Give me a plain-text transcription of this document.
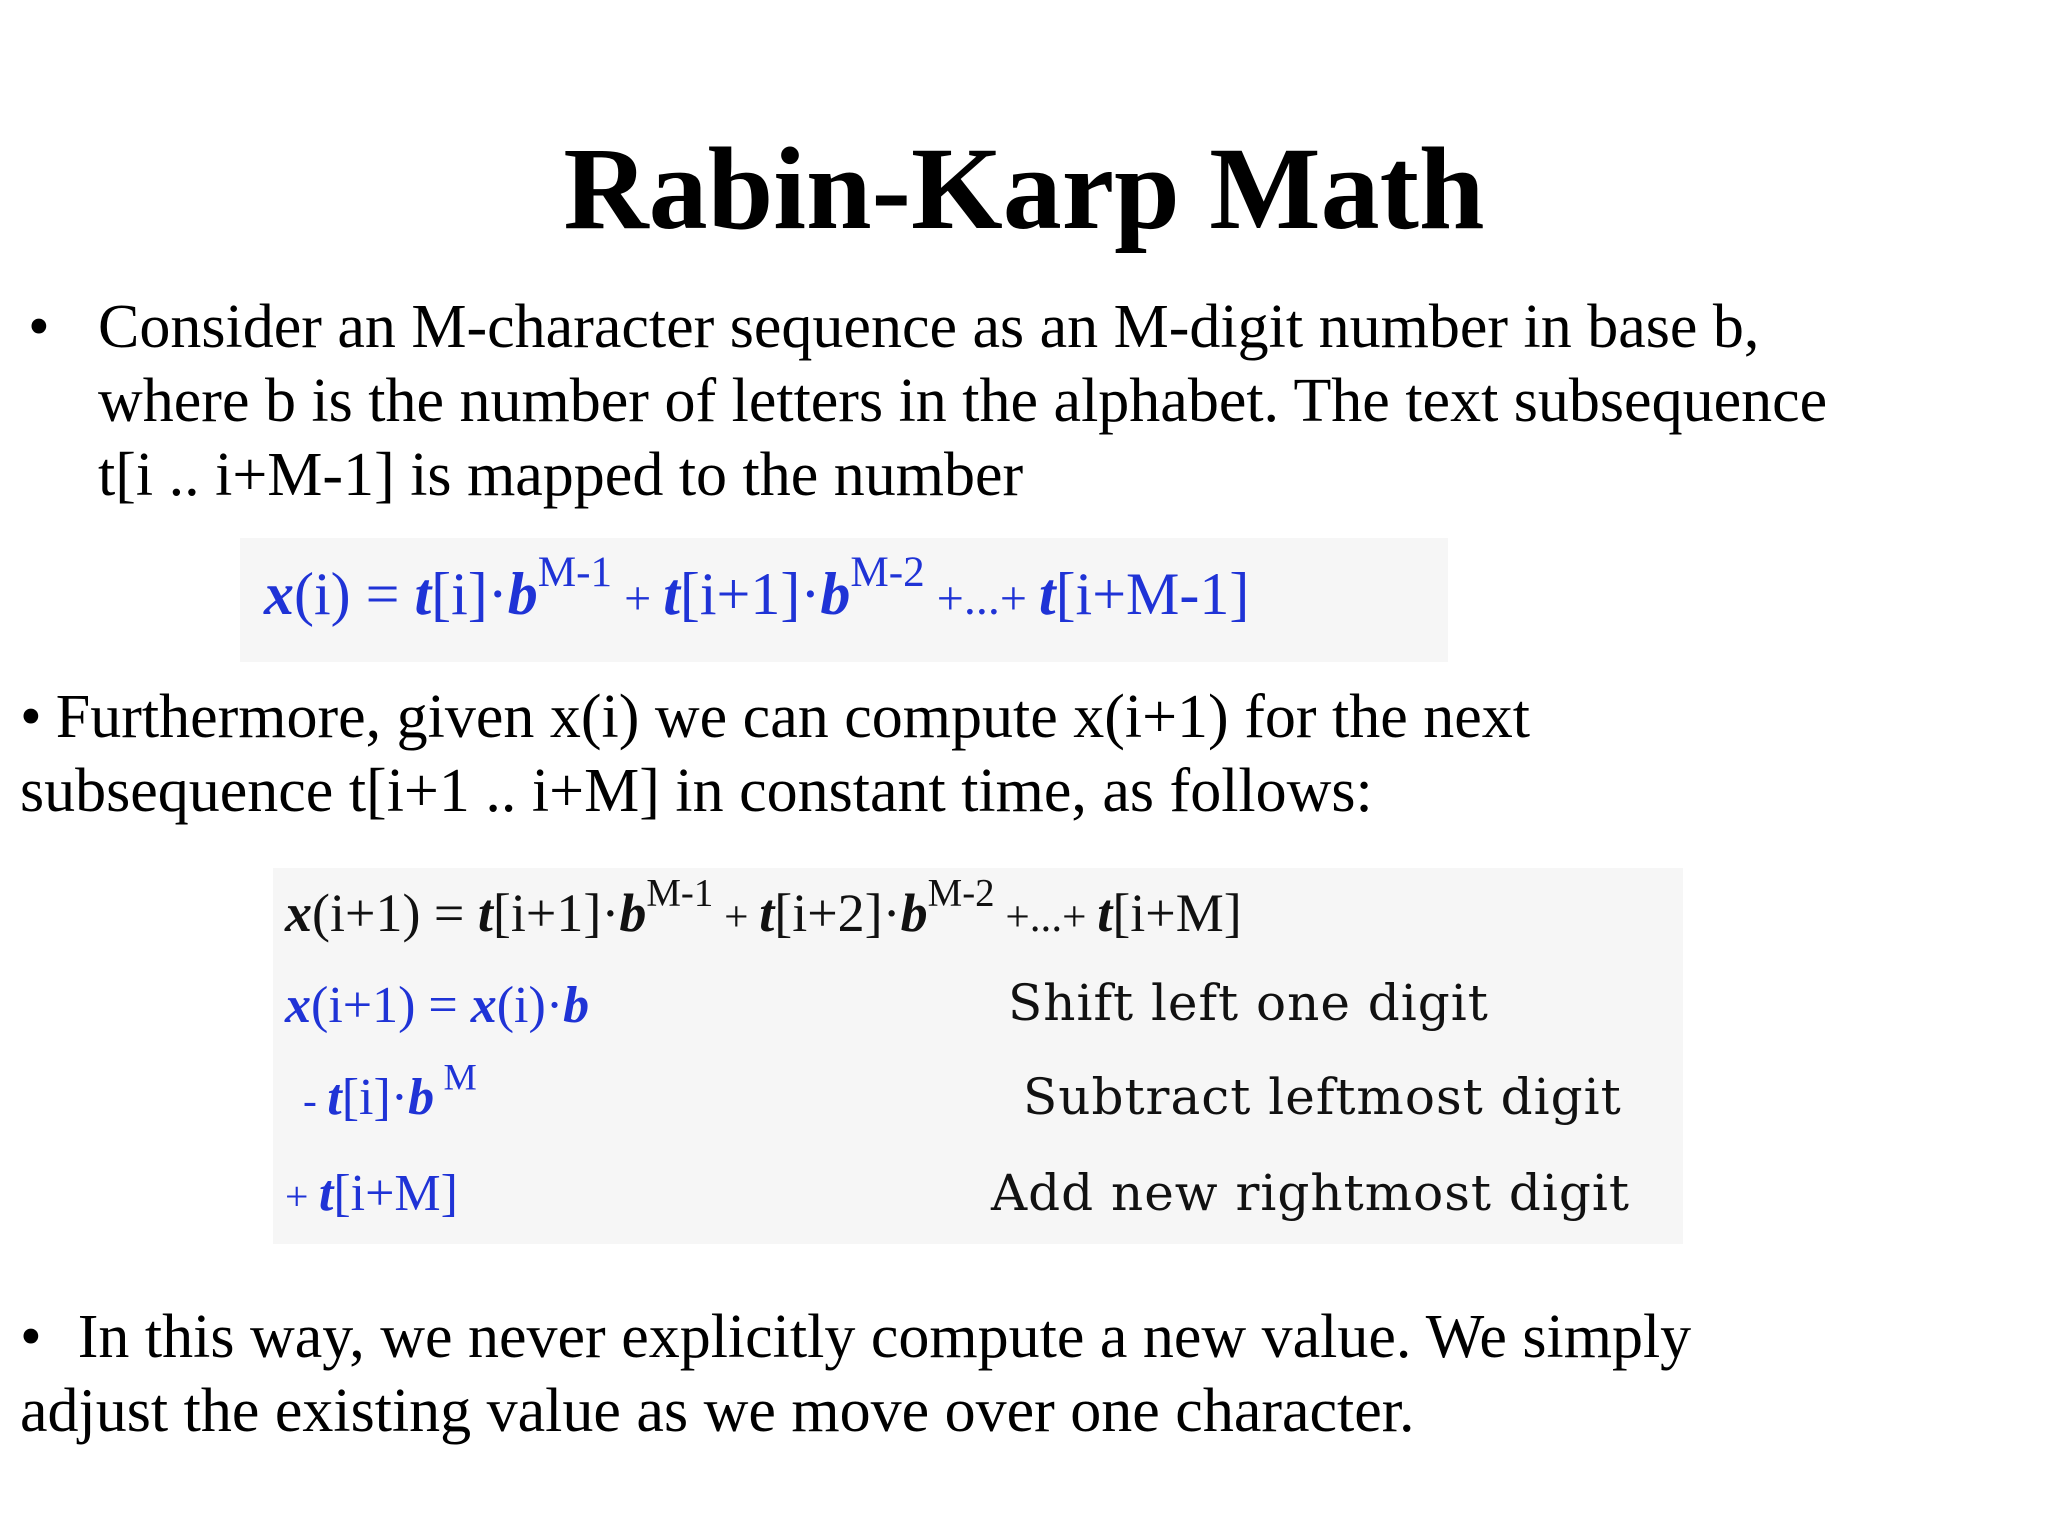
Rabin-Karp Math
• Consider an M-character sequence as an M-digit number in base b,
where b is the number of letters in the alphabet. The text subsequence
t[i .. i+M-1] is mapped to the number

$x(i) = t[i]\cdot b^{M-1} + t[i+1]\cdot b^{M-2}$ +...+ t[i+M-1]

• Furthermore, given x(i) we can compute x(i+1) for the next
subsequence t[i+1 .. i+M] in constant time, as follows:

$x(i+1) = t[i+1]\cdot b^{M-1} + t[i+2]\cdot b^{M-2}$ +...+ t[i+M]
x(i+1) = x(i)·b	Shift left one digit
- t[i]·b $^M$	Subtract leftmost digit
+ t[i+M]	Add new rightmost digit

• In this way, we never explicitly compute a new value. We simply
adjust the existing value as we move over one character.
